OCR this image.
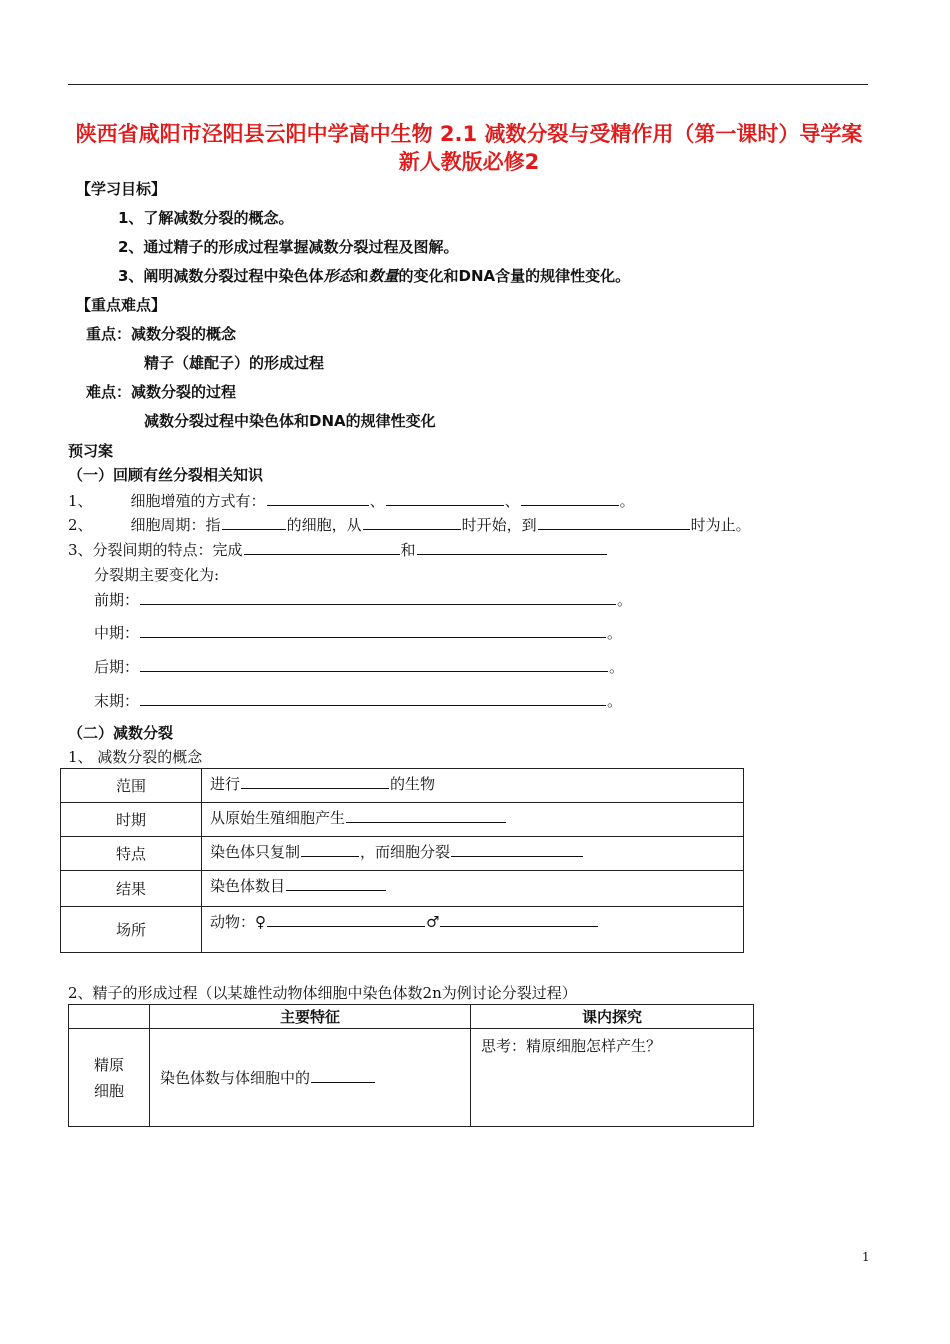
陕西省咸阳市泾阳县云阳中学高中生物 2.1 减数分裂与受精作用（第一课时）导学案 新人教版必修2
【学习目标】
1、了解减数分裂的概念。
2、通过精子的形成过程掌握减数分裂过程及图解。
3、阐明减数分裂过程中染色体形态和数量的变化和DNA含量的规律性变化。
【重点难点】
重点：减数分裂的概念
精子（雄配子）的形成过程
难点：减数分裂的过程
减数分裂过程中染色体和DNA的规律性变化
预习案
（一）回顾有丝分裂相关知识
1、	细胞增殖的方式有：	、	、	。
2、	细胞周期：指	的细胞，从	时开始，到	时为止。
3、分裂间期的特点：完成	和
分裂期主要变化为:
前期：	。
中期：	。
后期：	。
末期：	。
（二）减数分裂
1、 减数分裂的概念
范围	进行 的生物
时期	从原始生殖细胞产生
特点	染色体只复制 ，而细胞分裂
结果	染色体数目
场所	动物：♀ ♂
2、精子的形成过程（以某雄性动物体细胞中染色体数2n为例讨论分裂过程）
	主要特征	课内探究
精原
细胞	染色体数与体细胞中的	思考：精原细胞怎样产生？
1
